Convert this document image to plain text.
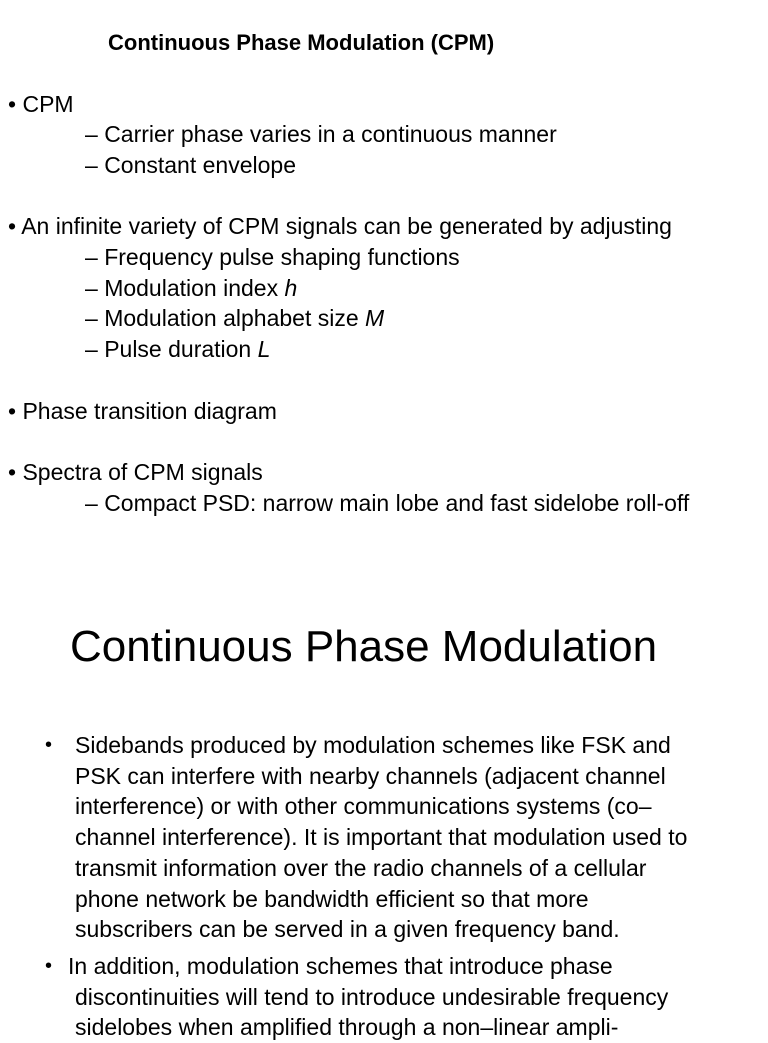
Continuous Phase Modulation (CPM)
• CPM
– Carrier phase varies in a continuous manner
– Constant envelope
• An infinite variety of CPM signals can be generated by adjusting
– Frequency pulse shaping functions
– Modulation index h
– Modulation alphabet size M
– Pulse duration L
• Phase transition diagram
• Spectra of CPM signals
– Compact PSD: narrow main lobe and fast sidelobe roll-off
Continuous Phase Modulation
• Sidebands produced by modulation schemes like FSK and
PSK can interfere with nearby channels (adjacent channel
interference) or with other communications systems (co–
channel interference). It is important that modulation used to
transmit information over the radio channels of a cellular
phone network be bandwidth efficient so that more
subscribers can be served in a given frequency band.
• In addition, modulation schemes that introduce phase
discontinuities will tend to introduce undesirable frequency
sidelobes when amplified through a non–linear ampli-
